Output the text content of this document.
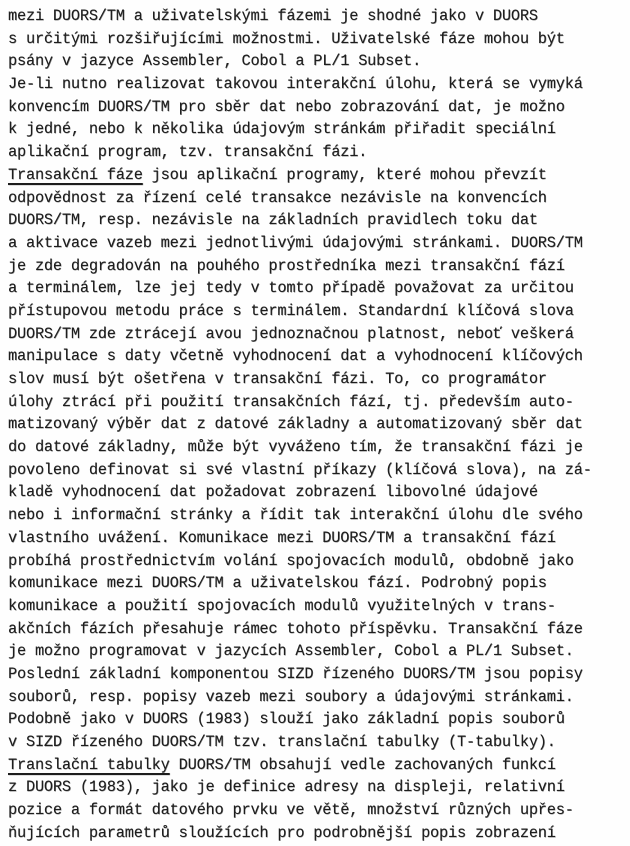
mezi DUORS/TM a uživatelskými fázemi je shodné jako v DUORS
s určitými rozšiřujícími možnostmi. Uživatelské fáze mohou být
psány v jazyce Assembler, Cobol a PL/1 Subset.
Je-li nutno realizovat takovou interakční úlohu, která se vymyká
konvencím DUORS/TM pro sběr dat nebo zobrazování dat, je možno
k jedné, nebo k několika údajovým stránkám přiřadit speciální
aplikační program, tzv. transakční fázi.
Transakční fáze jsou aplikační programy, které mohou převzít
odpovědnost za řízení celé transakce nezávisle na konvencích
DUORS/TM, resp. nezávisle na základních pravidlech toku dat
a aktivace vazeb mezi jednotlivými údajovými stránkami. DUORS/TM
je zde degradován na pouhého prostředníka mezi transakční fází
a terminálem, lze jej tedy v tomto případě považovat za určitou
přístupovou metodu práce s terminálem. Standardní klíčová slova
DUORS/TM zde ztrácejí avou jednoznačnou platnost, neboť veškerá
manipulace s daty včetně vyhodnocení dat a vyhodnocení klíčových
slov musí být ošetřena v transakční fázi. To, co programátor
úlohy ztrácí při použití transakčních fází, tj. především auto-
matizovaný výběr dat z datové základny a automatizovaný sběr dat
do datové základny, může být vyváženo tím, že transakční fázi je
povoleno definovat si své vlastní příkazy (klíčová slova), na zá-
kladě vyhodnocení dat požadovat zobrazení libovolné údajové
nebo i informační stránky a řídit tak interakční úlohu dle svého
vlastního uvážení. Komunikace mezi DUORS/TM a transakční fází
probíhá prostřednictvím volání spojovacích modulů, obdobně jako
komunikace mezi DUORS/TM a uživatelskou fází. Podrobný popis
komunikace a použití spojovacích modulů využitelných v trans-
akčních fázích přesahuje rámec tohoto příspěvku. Transakční fáze
je možno programovat v jazycích Assembler, Cobol a PL/1 Subset.
Poslední základní komponentou SIZD řízeného DUORS/TM jsou popisy
souborů, resp. popisy vazeb mezi soubory a údajovými stránkami.
Podobně jako v DUORS (1983) slouží jako základní popis souborů
v SIZD řízeného DUORS/TM tzv. translační tabulky (T-tabulky).
Translační tabulky DUORS/TM obsahují vedle zachovaných funkcí
z DUORS (1983), jako je definice adresy na displeji, relativní
pozice a formát datového prvku ve větě, množství různých upřes-
ňujících parametrů sloužících pro podrobnější popis zobrazení
